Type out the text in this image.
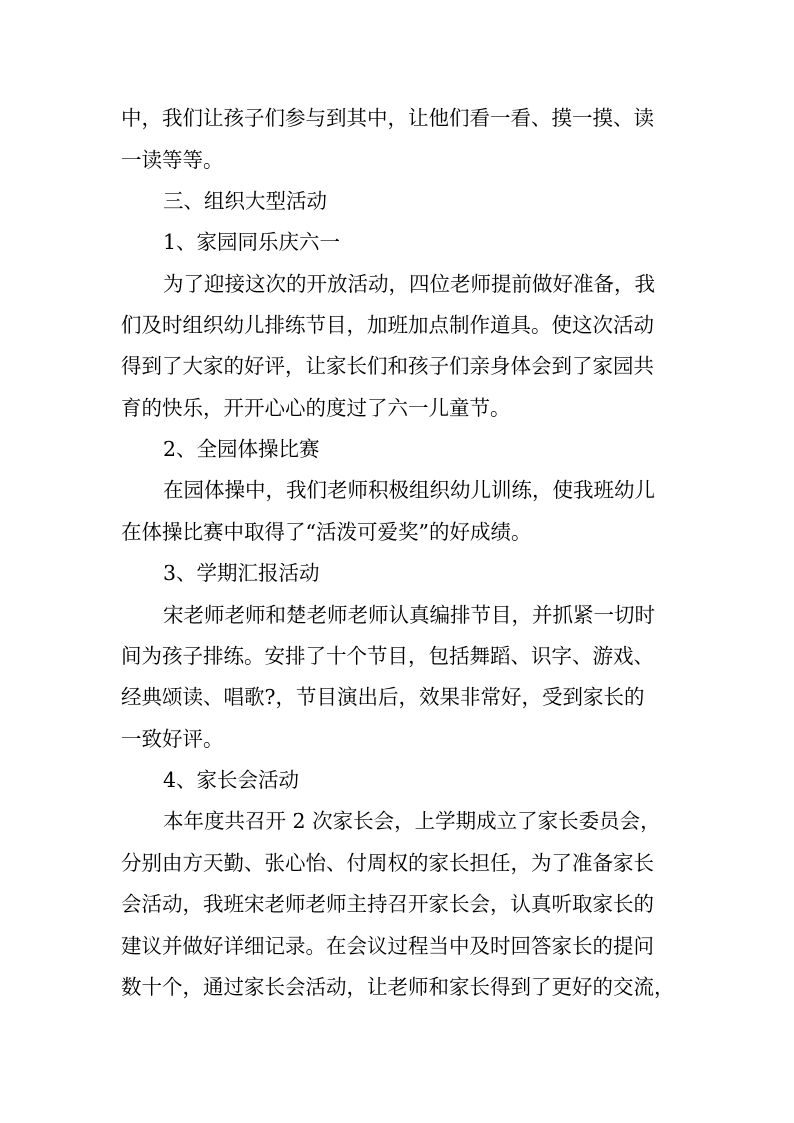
中，我们让孩子们参与到其中，让他们看一看、摸一摸、读
一读等等。
三、组织大型活动
1、家园同乐庆六一
为了迎接这次的开放活动，四位老师提前做好准备，我
们及时组织幼儿排练节目，加班加点制作道具。使这次活动
得到了大家的好评，让家长们和孩子们亲身体会到了家园共
育的快乐，开开心心的度过了六一儿童节。
2、全园体操比赛
在园体操中，我们老师积极组织幼儿训练，使我班幼儿
在体操比赛中取得了“活泼可爱奖”的好成绩。
3、学期汇报活动
宋老师老师和楚老师老师认真编排节目，并抓紧一切时
间为孩子排练。安排了十个节目，包括舞蹈、识字、游戏、
经典颂读、唱歌?，节目演出后，效果非常好，受到家长的
一致好评。
4、家长会活动
本年度共召开 2 次家长会，上学期成立了家长委员会，
分别由方天勤、张心怡、付周权的家长担任，为了准备家长
会活动，我班宋老师老师主持召开家长会，认真听取家长的
建议并做好详细记录。在会议过程当中及时回答家长的提问
数十个，通过家长会活动，让老师和家长得到了更好的交流，
